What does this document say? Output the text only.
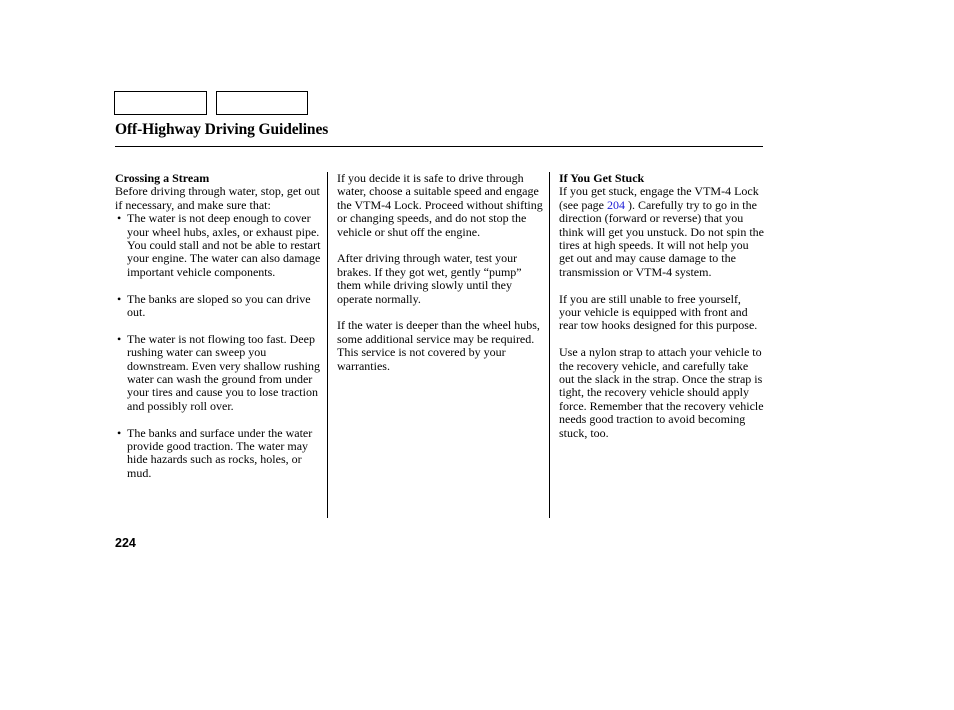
Off-Highway Driving Guidelines

Crossing a Stream

Before driving through water, stop, get out if necessary, and make sure that:

• The water is not deep enough to cover your wheel hubs, axles, or exhaust pipe. You could stall and not be able to restart your engine. The water can also damage important vehicle components.
• The banks are sloped so you can drive out.
• The water is not flowing too fast. Deep rushing water can sweep you downstream. Even very shallow rushing water can wash the ground from under your tires and cause you to lose traction and possibly roll over.
• The banks and surface under the water provide good traction. The water may hide hazards such as rocks, holes, or mud.

If you decide it is safe to drive through water, choose a suitable speed and engage the VTM-4 Lock. Proceed without shifting or changing speeds, and do not stop the vehicle or shut off the engine.

After driving through water, test your brakes. If they got wet, gently “pump” them while driving slowly until they operate normally.

If the water is deeper than the wheel hubs, some additional service may be required. This service is not covered by your warranties.

If You Get Stuck

If you get stuck, engage the VTM-4 Lock (see page 204 ). Carefully try to go in the direction (forward or reverse) that you think will get you unstuck. Do not spin the tires at high speeds. It will not help you get out and may cause damage to the transmission or VTM-4 system.

If you are still unable to free yourself, your vehicle is equipped with front and rear tow hooks designed for this purpose.

Use a nylon strap to attach your vehicle to the recovery vehicle, and carefully take out the slack in the strap. Once the strap is tight, the recovery vehicle should apply force. Remember that the recovery vehicle needs good traction to avoid becoming stuck, too.

224
